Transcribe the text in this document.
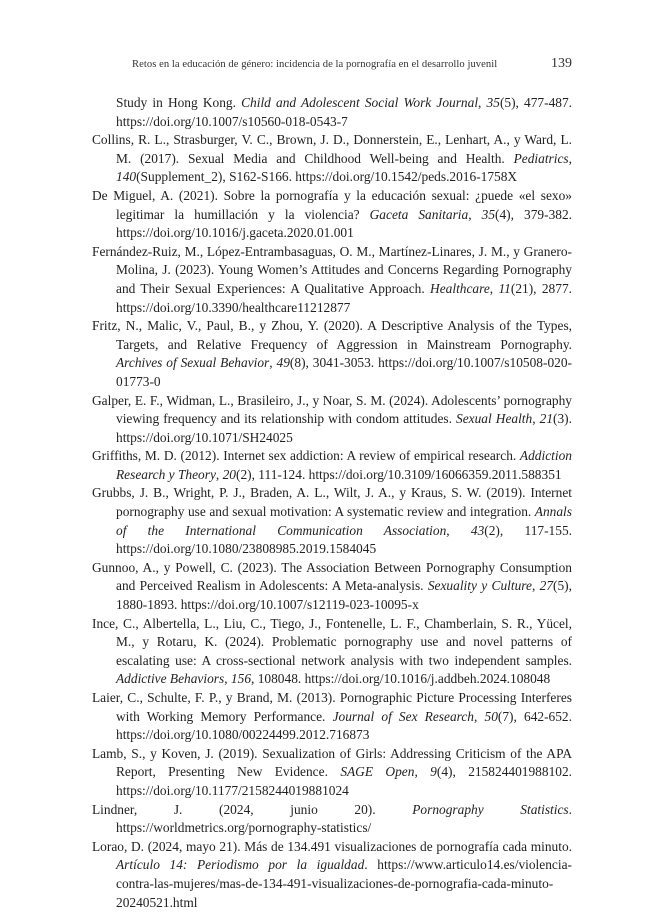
Retos en la educación de género: incidencia de la pornografía en el desarrollo juvenil	139

Study in Hong Kong. Child and Adolescent Social Work Journal, 35(5), 477-487. https://doi.org/10.1007/s10560-018-0543-7

Collins, R. L., Strasburger, V. C., Brown, J. D., Donnerstein, E., Lenhart, A., y Ward, L. M. (2017). Sexual Media and Childhood Well-being and Health. Pediatrics, 140(Supplement_2), S162-S166. https://doi.org/10.1542/peds.2016-1758X

De Miguel, A. (2021). Sobre la pornografía y la educación sexual: ¿puede «el sexo» legitimar la humillación y la violencia? Gaceta Sanitaria, 35(4), 379-382. https://doi.org/10.1016/j.gaceta.2020.01.001

Fernández-Ruiz, M., López-Entrambasaguas, O. M., Martínez-Linares, J. M., y Granero-Molina, J. (2023). Young Women’s Attitudes and Concerns Regarding Pornography and Their Sexual Experiences: A Qualitative Approach. Healthcare, 11(21), 2877. https://doi.org/10.3390/healthcare11212877

Fritz, N., Malic, V., Paul, B., y Zhou, Y. (2020). A Descriptive Analysis of the Types, Targets, and Relative Frequency of Aggression in Mainstream Pornography. Archives of Sexual Behavior, 49(8), 3041-3053. https://doi.org/10.1007/s10508-020-01773-0

Galper, E. F., Widman, L., Brasileiro, J., y Noar, S. M. (2024). Adolescents’ pornography viewing frequency and its relationship with condom attitudes. Sexual Health, 21(3). https://doi.org/10.1071/SH24025

Griffiths, M. D. (2012). Internet sex addiction: A review of empirical research. Addiction Research y Theory, 20(2), 111-124. https://doi.org/10.3109/16066359.2011.588351

Grubbs, J. B., Wright, P. J., Braden, A. L., Wilt, J. A., y Kraus, S. W. (2019). Internet pornography use and sexual motivation: A systematic review and integration. Annals of the International Communication Association, 43(2), 117-155. https://doi.org/10.1080/23808985.2019.1584045

Gunnoo, A., y Powell, C. (2023). The Association Between Pornography Consumption and Perceived Realism in Adolescents: A Meta-analysis. Sexuality y Culture, 27(5), 1880-1893. https://doi.org/10.1007/s12119-023-10095-x

Ince, C., Albertella, L., Liu, C., Tiego, J., Fontenelle, L. F., Chamberlain, S. R., Yücel, M., y Rotaru, K. (2024). Problematic pornography use and novel patterns of escalating use: A cross-sectional network analysis with two independent samples. Addictive Behaviors, 156, 108048. https://doi.org/10.1016/j.addbeh.2024.108048

Laier, C., Schulte, F. P., y Brand, M. (2013). Pornographic Picture Processing Interferes with Working Memory Performance. Journal of Sex Research, 50(7), 642-652. https://doi.org/10.1080/00224499.2012.716873

Lamb, S., y Koven, J. (2019). Sexualization of Girls: Addressing Criticism of the APA Report, Presenting New Evidence. SAGE Open, 9(4), 215824401988102. https://doi.org/10.1177/2158244019881024

Lindner, J. (2024, junio 20). Pornography Statistics. https://worldmetrics.org/pornography-statistics/

Lorao, D. (2024, mayo 21). Más de 134.491 visualizaciones de pornografía cada minuto. Artículo 14: Periodismo por la igualdad. https://www.articulo14.es/violencia-contra-las-mujeres/mas-de-134-491-visualizaciones-de-pornografia-cada-minuto-20240521.html
